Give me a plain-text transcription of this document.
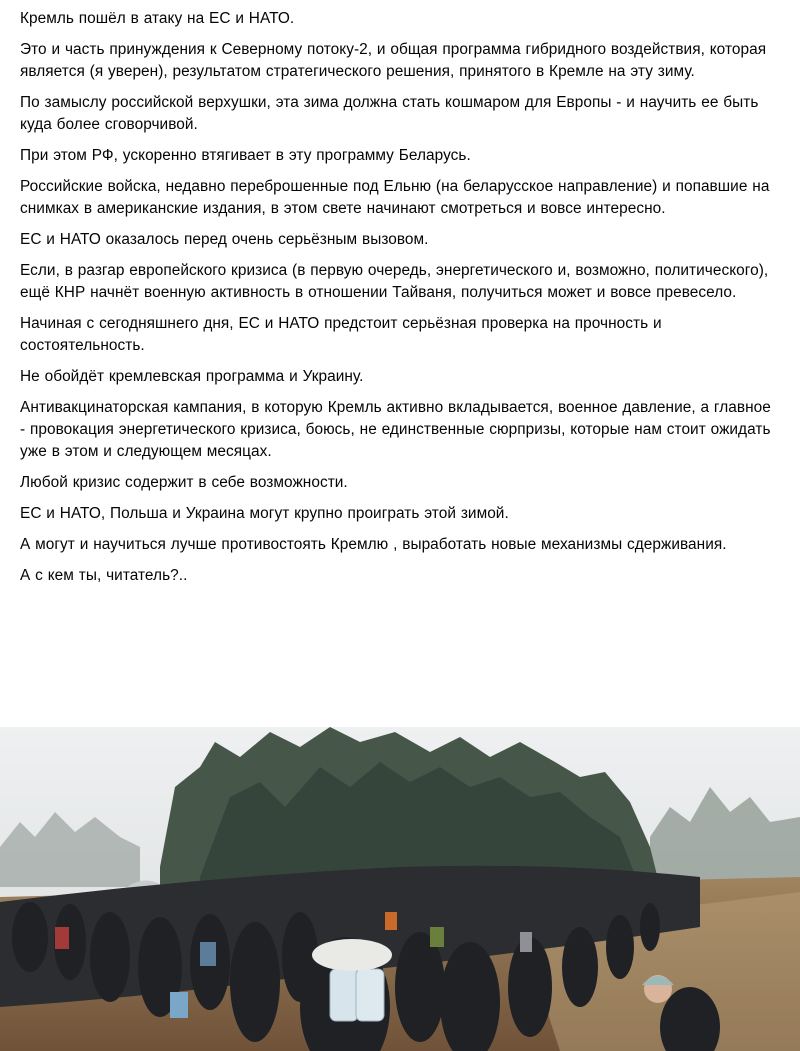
Кремль пошёл в атаку на ЕС и НАТО.

Это и часть принуждения к Северному потоку-2, и общая программа гибридного воздействия, которая является (я уверен), результатом стратегического решения, принятого в Кремле на эту зиму.

По замыслу российской верхушки, эта зима должна стать кошмаром для Европы - и научить ее быть куда более сговорчивой.

При этом РФ, ускоренно втягивает в эту программу Беларусь.

Российские войска, недавно переброшенные под Ельню (на беларусское направление) и попавшие на снимках в американские издания, в этом свете начинают смотреться и вовсе интересно.

ЕС и НАТО оказалось перед очень серьёзным вызовом.

Если, в разгар европейского кризиса (в первую очередь, энергетического и, возможно, политического), ещё КНР начнёт военную активность в отношении Тайваня, получиться может и вовсе превесело.

Начиная с сегодняшнего дня, ЕС и НАТО предстоит серьёзная проверка на прочность и состоятельность.

Не обойдёт кремлевская программа и Украину.

Антивакцинаторская кампания, в которую Кремль активно вкладывается, военное давление, а главное - провокация энергетического кризиса, боюсь, не единственные сюрпризы, которые нам стоит ожидать уже в этом и следующем месяцах.

Любой кризис содержит в себе возможности.

ЕС и НАТО, Польша и Украина могут крупно проиграть этой зимой.

А могут и научиться лучше противостоять Кремлю , выработать новые механизмы сдерживания.

А с кем ты, читатель?..
